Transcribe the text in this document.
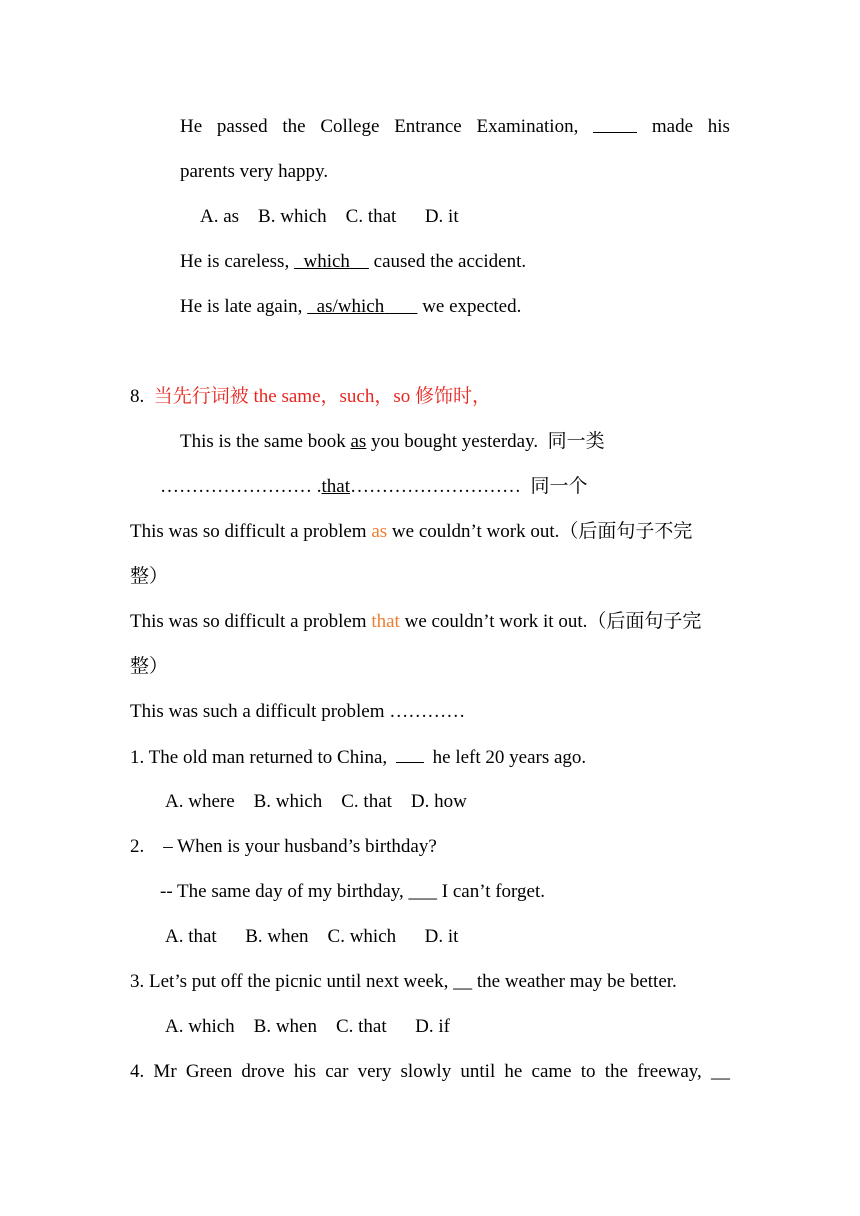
He passed the College Entrance Examination,	made his
parents very happy.
A. as    B. which    C. that      D. it
He is careless, which caused the accident.
He is late again, as/which we expected.
8. 当先行词被 the same，such，so 修饰时，
This is the same book as you bought yesterday.  同一类
…………………… .that………………………  同一个
This was so difficult a problem as we couldn’t work out.（后面句子不完
整）
This was so difficult a problem that we couldn’t work it out.（后面句子完
整）
This was such a difficult problem …………
1. The old man returned to China, he left 20 years ago.
A. where    B. which    C. that    D. how
2.    – When is your husband’s birthday?
-- The same day of my birthday, ___ I can’t forget.
A. that      B. when    C. which      D. it
3. Let’s put off the picnic until next week, __ the weather may be better.
A. which    B. when    C. that      D. if
4. Mr Green drove his car very slowly until he came to the freeway, __
